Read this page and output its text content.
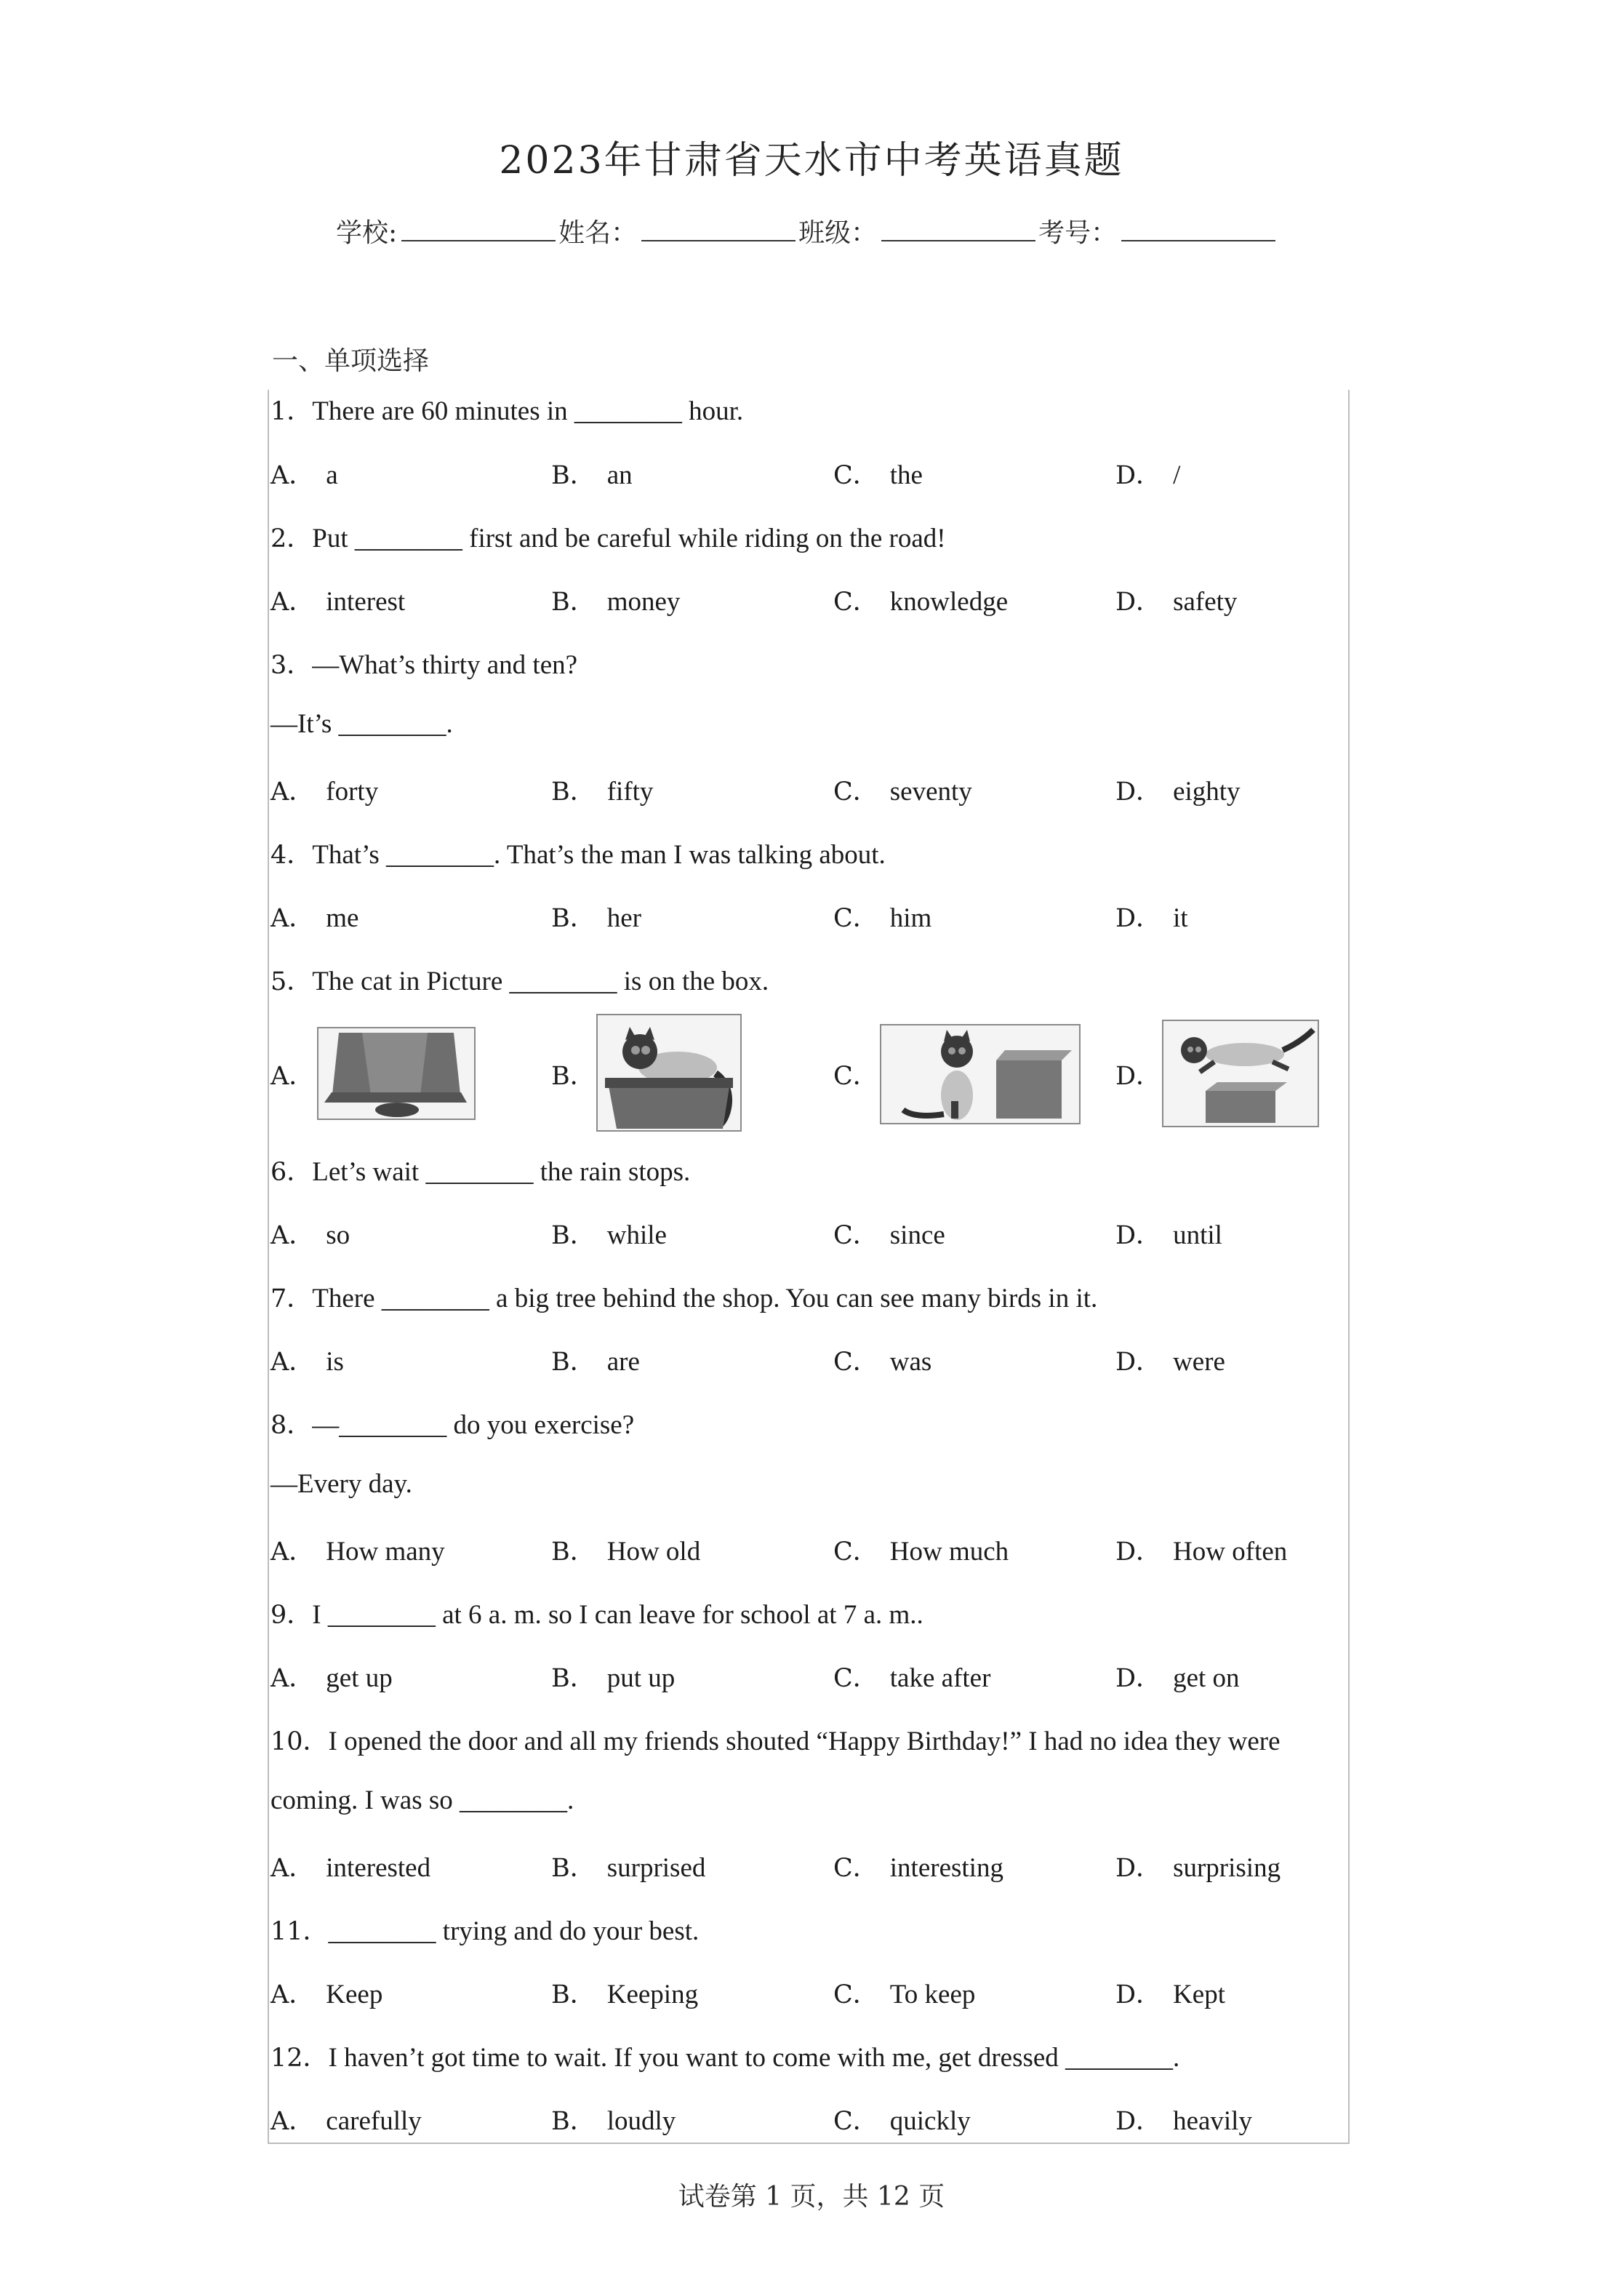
2023年甘肃省天水市中考英语真题
学校:	姓名：	班级：	考号：
一、单项选择
1．There are 60 minutes in ________ hour.
A． a	B． an	C． the	D． /
2．Put ________ first and be careful while riding on the road!
A． interest	B． money	C． knowledge	D． safety
3．—What’s thirty and ten?
—It’s ________.
A． forty	B． fifty	C． seventy	D． eighty
4．That’s ________. That’s the man I was talking about.
A． me	B． her	C． him	D． it
5．The cat in Picture ________ is on the box.
A．	B．	C．	D．
6．Let’s wait ________ the rain stops.
A． so	B． while	C． since	D． until
7．There ________ a big tree behind the shop. You can see many birds in it.
A． is	B． are	C． was	D． were
8．—________ do you exercise?
—Every day.
A． How many	B． How old	C． How much	D． How often
9．I ________ at 6 a. m. so I can leave for school at 7 a. m..
A． get up	B． put up	C． take after	D． get on
10．I opened the door and all my friends shouted “Happy Birthday!” I had no idea they were
coming. I was so ________.
A． interested	B． surprised	C． interesting	D． surprising
11．________ trying and do your best.
A． Keep	B． Keeping	C． To keep	D． Kept
12．I haven’t got time to wait. If you want to come with me, get dressed ________.
A． carefully	B． loudly	C． quickly	D． heavily
试卷第 1 页，共 12 页
